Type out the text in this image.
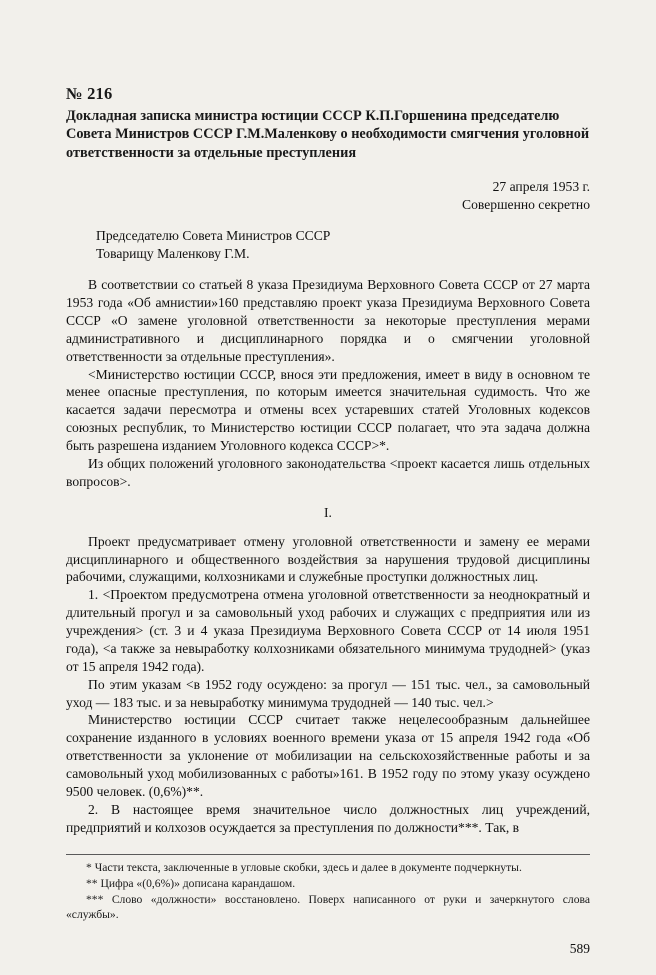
№ 216
Докладная записка министра юстиции СССР К.П.Горшенина председателю Совета Министров СССР Г.М.Маленкову о необходимости смягчения уголовной ответственности за отдельные преступления
27 апреля 1953 г.
Совершенно секретно
Председателю Совета Министров СССР
Товарищу Маленкову Г.М.

В соответствии со статьей 8 указа Президиума Верховного Совета СССР от 27 марта 1953 года «Об амнистии»160 представляю проект указа Президиума Верховного Совета СССР «О замене уголовной ответственности за некоторые преступления мерами административного и дисциплинарного порядка и о смягчении уголовной ответственности за отдельные преступления».

<Министерство юстиции СССР, внося эти предложения, имеет в виду в основном те менее опасные преступления, по которым имеется значительная судимость. Что же касается задачи пересмотра и отмены всех устаревших статей Уголовных кодексов союзных республик, то Министерство юстиции СССР полагает, что эта задача должна быть разрешена изданием Уголовного кодекса СССР>*.

Из общих положений уголовного законодательства <проект касается лишь отдельных вопросов>.

I.

Проект предусматривает отмену уголовной ответственности и замену ее мерами дисциплинарного и общественного воздействия за нарушения трудовой дисциплины рабочими, служащими, колхозниками и служебные проступки должностных лиц.

1. <Проектом предусмотрена отмена уголовной ответственности за неоднократный и длительный прогул и за самовольный уход рабочих и служащих с предприятия или из учреждения> (ст. 3 и 4 указа Президиума Верховного Совета СССР от 14 июля 1951 года), <а также за невыработку колхозниками обязательного минимума трудодней> (указ от 15 апреля 1942 года).

По этим указам <в 1952 году осуждено: за прогул — 151 тыс. чел., за самовольный уход — 183 тыс. и за невыработку минимума трудодней — 140 тыс. чел.>

Министерство юстиции СССР считает также нецелесообразным дальнейшее сохранение изданного в условиях военного времени указа от 15 апреля 1942 года «Об ответственности за уклонение от мобилизации на сельскохозяйственные работы и за самовольный уход мобилизованных с работы»161. В 1952 году по этому указу осуждено 9500 человек. (0,6%)**.

2. В настоящее время значительное число должностных лиц учреждений, предприятий и колхозов осуждается за преступления по должности***. Так, в

* Части текста, заключенные в угловые скобки, здесь и далее в документе подчеркнуты.

** Цифра «(0,6%)» дописана карандашом.

*** Слово «должности» восстановлено. Поверх написанного от руки и зачеркнутого слова «службы».

589
